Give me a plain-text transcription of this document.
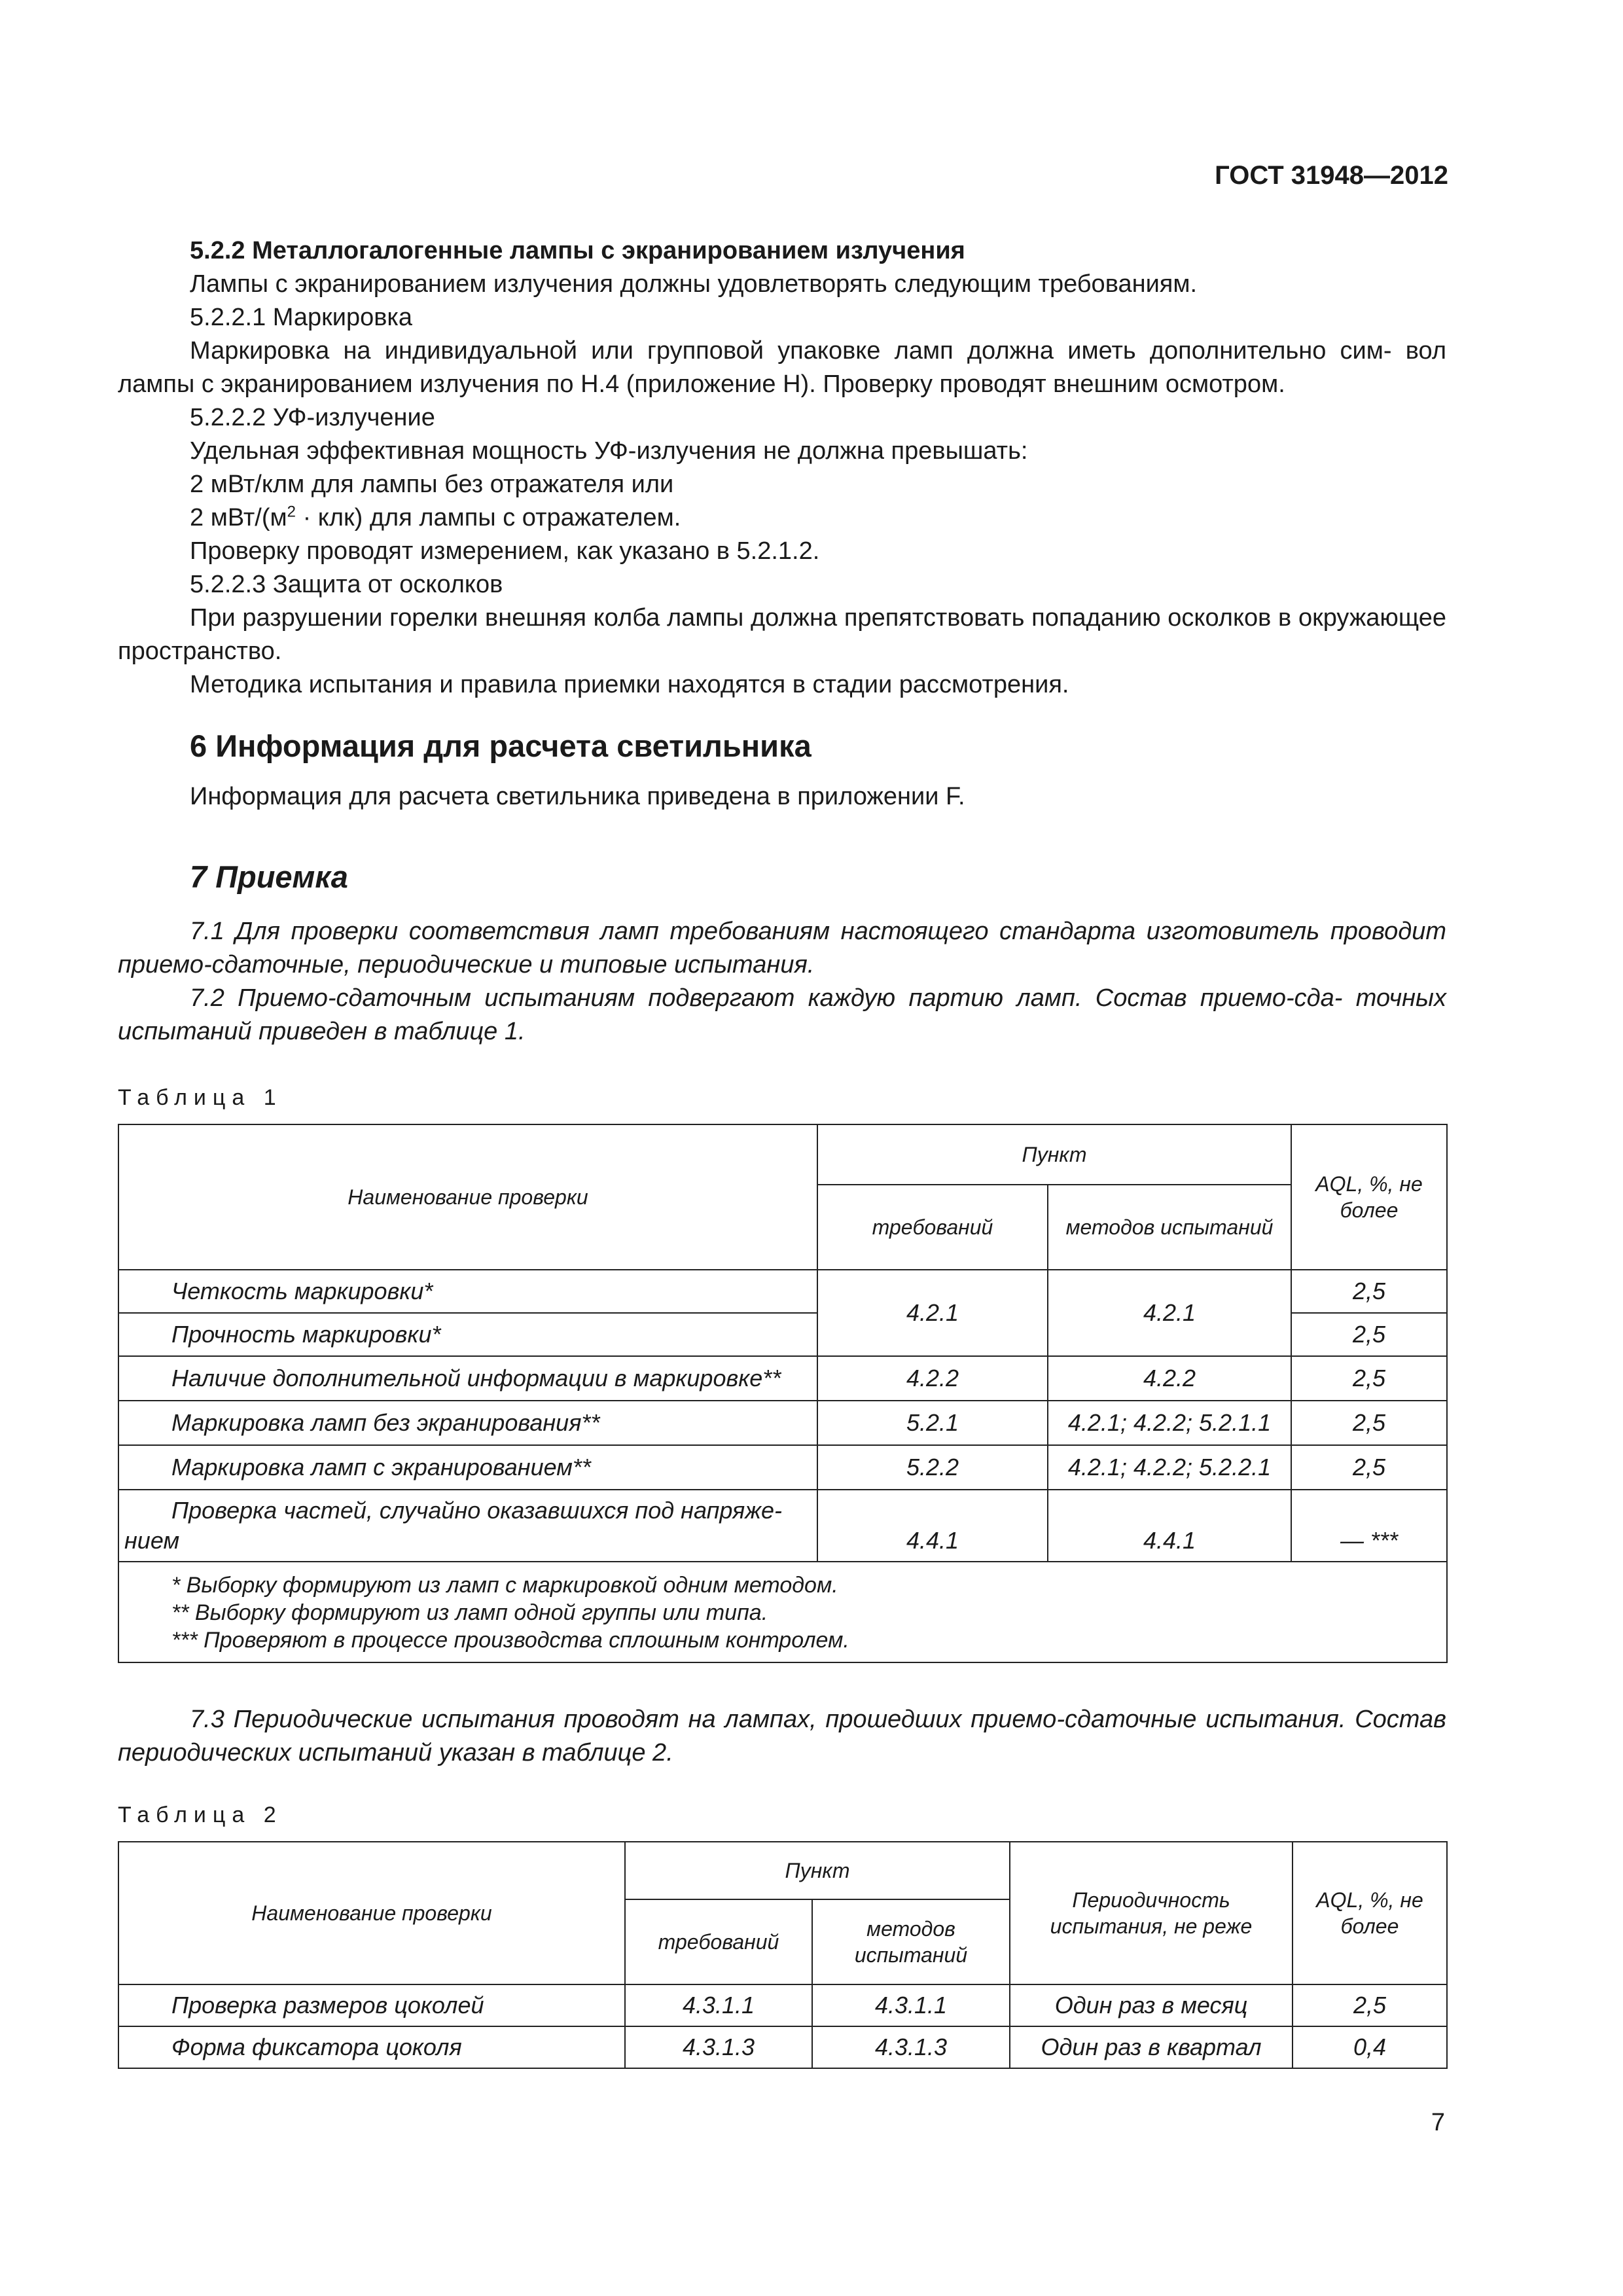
ГОСТ 31948—2012

5.2.2 Металлогалогенные лампы с экранированием излучения

Лампы с экранированием излучения должны удовлетворять следующим требованиям.

5.2.2.1 Маркировка

Маркировка на индивидуальной или групповой упаковке ламп должна иметь дополнительно сим- вол лампы с экранированием излучения по Н.4 (приложение Н). Проверку проводят внешним осмотром.

5.2.2.2 УФ-излучение

Удельная эффективная мощность УФ-излучения не должна превышать:

2 мВт/клм для лампы без отражателя или

2 мВт/$(м^2 \cdot клк)$ для лампы с отражателем.

Проверку проводят измерением, как указано в 5.2.1.2.

5.2.2.3 Защита от осколков

При разрушении горелки внешняя колба лампы должна препятствовать попаданию осколков в окружающее пространство.

Методика испытания и правила приемки находятся в стадии рассмотрения.

6 Информация для расчета светильника

Информация для расчета светильника приведена в приложении F.

7 Приемка

7.1 Для проверки соответствия ламп требованиям настоящего стандарта изготовитель проводит приемо-сдаточные, периодические и типовые испытания.

7.2 Приемо-сдаточным испытаниям подвергают каждую партию ламп. Состав приемо-сда- точных испытаний приведен в таблице 1.

Таблица 1

Наименование проверки	Пункт		AQL, %, не более
	требований	методов испытаний	
Четкость маркировки*	4.2.1	4.2.1	2,5
Прочность маркировки*			2,5
Наличие дополнительной информации в маркировке**	4.2.2	4.2.2	2,5
Маркировка ламп без экранирования**	5.2.1	4.2.1; 4.2.2; 5.2.1.1	2,5
Маркировка ламп с экранированием**	5.2.2	4.2.1; 4.2.2; 5.2.2.1	2,5
Проверка частей, случайно оказавшихся под напряже- нием	4.4.1	4.4.1	— ***

* Выборку формируют из ламп с маркировкой одним методом.
** Выборку формируют из ламп одной группы или типа.
*** Проверяют в процессе производства сплошным контролем.			

7.3 Периодические испытания проводят на лампах, прошедших приемо-сдаточные испытания. Состав периодических испытаний указан в таблице 2.

Таблица 2

Наименование проверки	Пункт		Периодичность испытания, не реже	AQL, %, не более
	требований	методов испытаний		
Проверка размеров цоколей	4.3.1.1	4.3.1.1	Один раз в месяц	2,5
Форма фиксатора цоколя	4.3.1.3	4.3.1.3	Один раз в квартал	0,4
7
